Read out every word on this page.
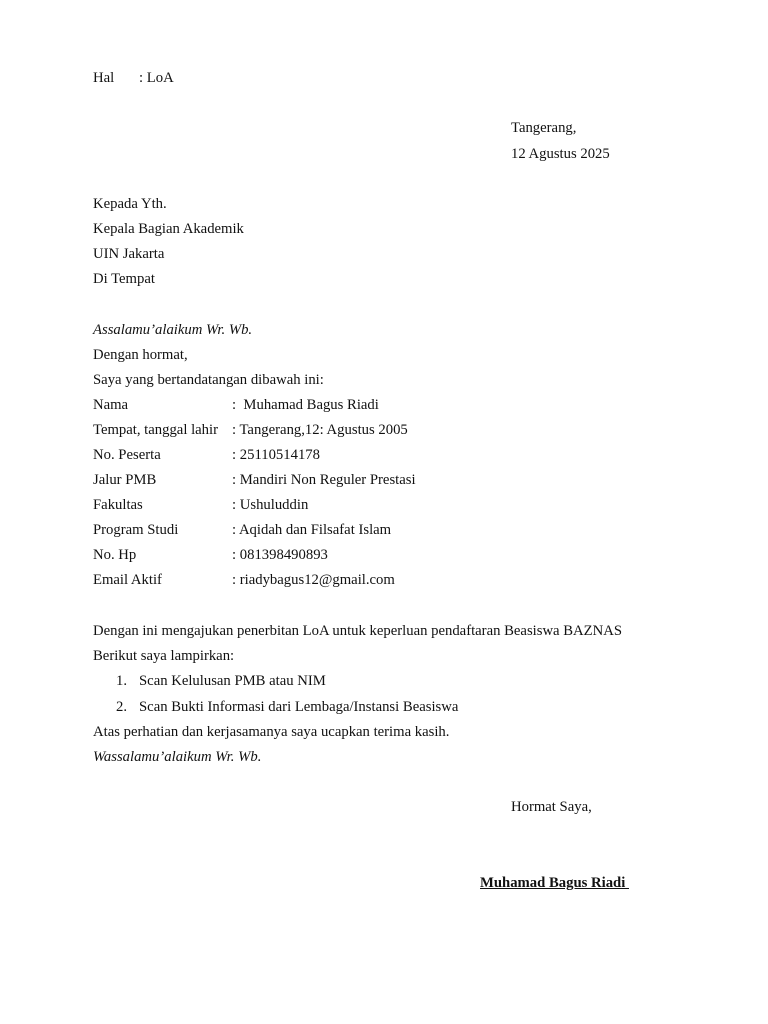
Hal : LoA
Tangerang,
12 Agustus 2025
Kepada Yth.
Kepala Bagian Akademik
UIN Jakarta
Di Tempat
Assalamu’alaikum Wr. Wb.
Dengan hormat,
Saya yang bertandatangan dibawah ini:
Nama	:  Muhamad Bagus Riadi
Tempat, tanggal lahir : Tangerang,12: Agustus 2005
No. Peserta	: 25110514178
Jalur PMB	: Mandiri Non Reguler Prestasi
Fakultas	: Ushuluddin
Program Studi	: Aqidah dan Filsafat Islam
No. Hp	: 081398490893
Email Aktif	: riadybagus12@gmail.com
Dengan ini mengajukan penerbitan LoA untuk keperluan pendaftaran Beasiswa BAZNAS
Berikut saya lampirkan:
1. Scan Kelulusan PMB atau NIM
2. Scan Bukti Informasi dari Lembaga/Instansi Beasiswa
Atas perhatian dan kerjasamanya saya ucapkan terima kasih.
Wassalamu’alaikum Wr. Wb.
Hormat Saya,
Muhamad Bagus Riadi
